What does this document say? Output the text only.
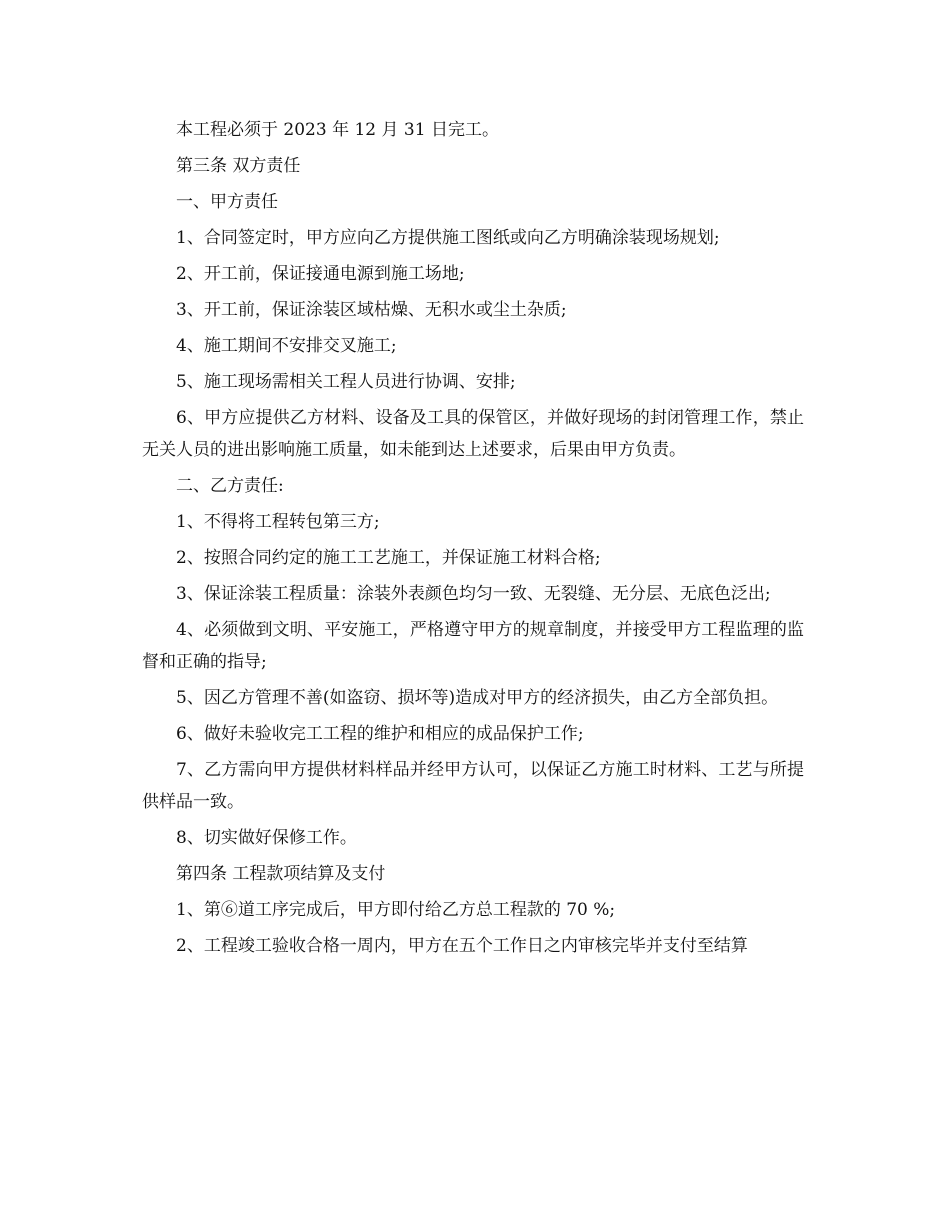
本工程必须于 2023 年 12 月 31 日完工。

第三条 双方责任

一、甲方责任

1、合同签定时，甲方应向乙方提供施工图纸或向乙方明确涂装现场规划;

2、开工前，保证接通电源到施工场地;

3、开工前，保证涂装区域枯燥、无积水或尘土杂质;

4、施工期间不安排交叉施工;

5、施工现场需相关工程人员进行协调、安排;

6、甲方应提供乙方材料、设备及工具的保管区，并做好现场的封闭管理工作，禁止无关人员的进出影响施工质量，如未能到达上述要求，后果由甲方负责。

二、乙方责任:

1、不得将工程转包第三方;

2、按照合同约定的施工工艺施工，并保证施工材料合格;

3、保证涂装工程质量：涂装外表颜色均匀一致、无裂缝、无分层、无底色泛出;

4、必须做到文明、平安施工，严格遵守甲方的规章制度，并接受甲方工程监理的监督和正确的指导;

5、因乙方管理不善(如盗窃、损坏等)造成对甲方的经济损失，由乙方全部负担。

6、做好未验收完工工程的维护和相应的成品保护工作;

7、乙方需向甲方提供材料样品并经甲方认可，以保证乙方施工时材料、工艺与所提供样品一致。

8、切实做好保修工作。

第四条 工程款项结算及支付

1、第⑥道工序完成后，甲方即付给乙方总工程款的 70 %;

2、工程竣工验收合格一周内，甲方在五个工作日之内审核完毕并支付至结算
